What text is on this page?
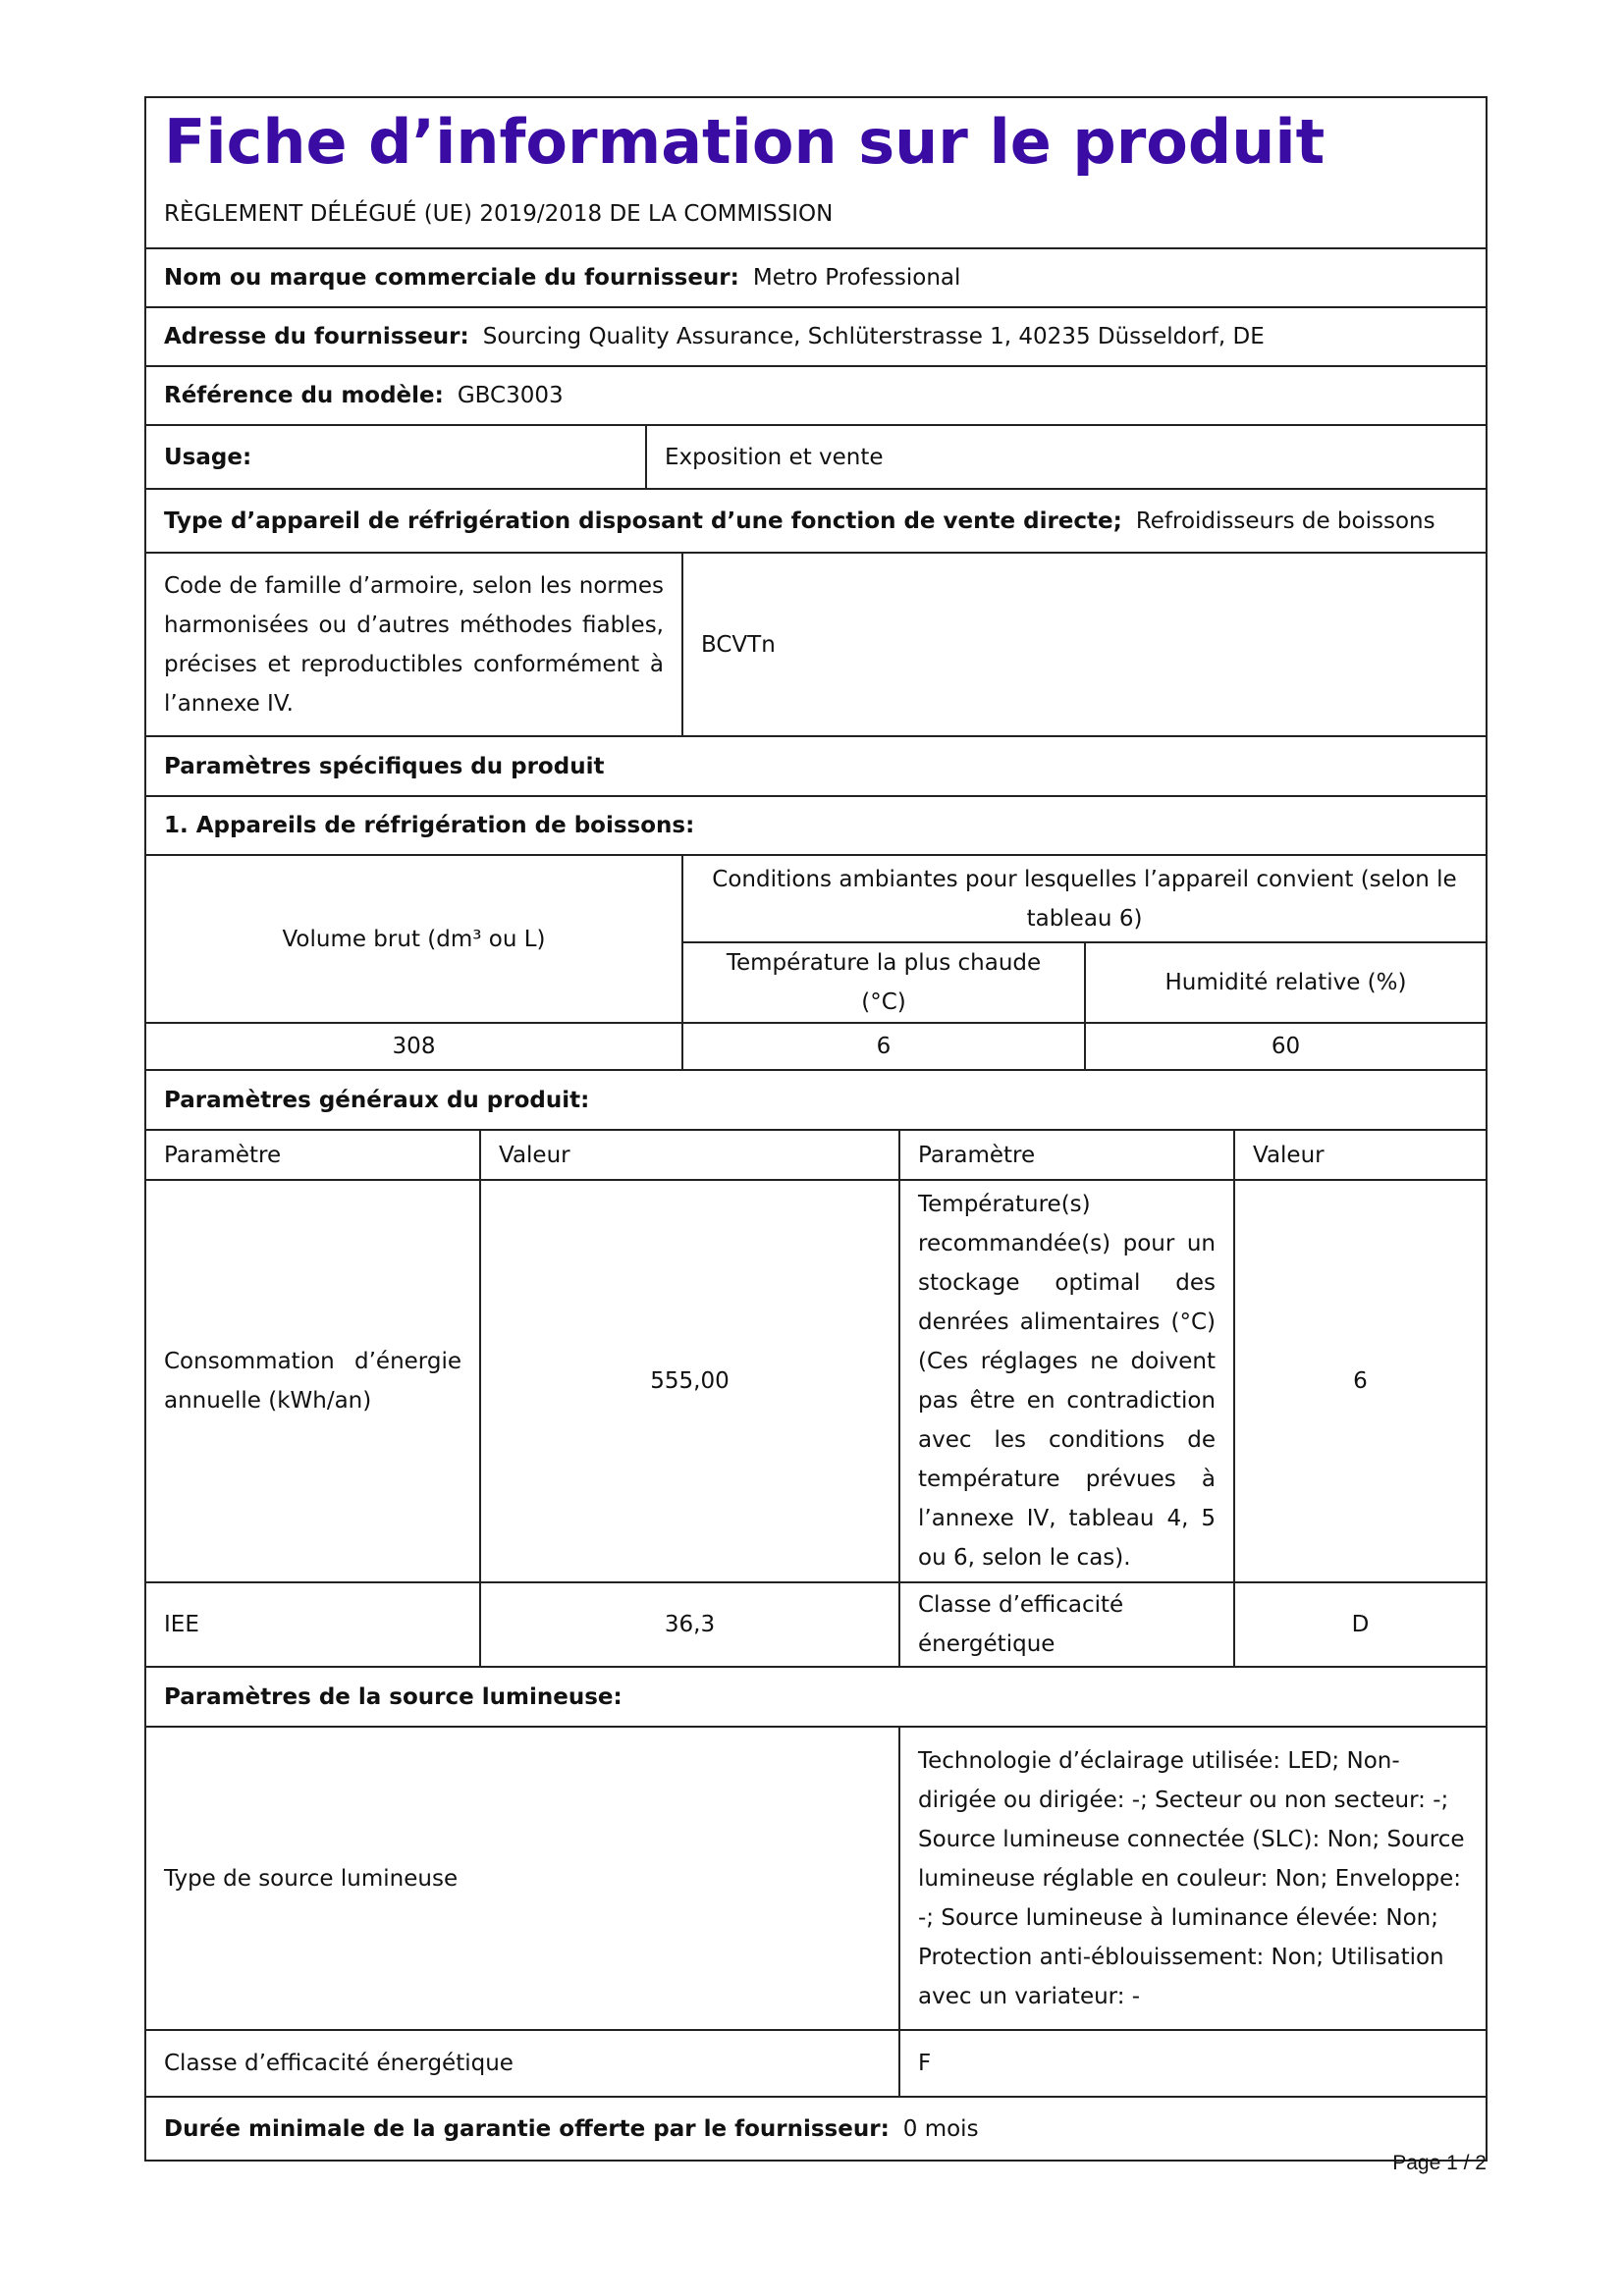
Fiche d’information sur le produit
RÈGLEMENT DÉLÉGUÉ (UE) 2019/2018 DE LA COMMISSION

Nom ou marque commerciale du fournisseur: Metro Professional
Adresse du fournisseur: Sourcing Quality Assurance, Schlüterstrasse 1, 40235 Düsseldorf, DE
Référence du modèle: GBC3003
Usage:	Exposition et vente
Type d’appareil de réfrigération disposant d’une fonction de vente directe; Refroidisseurs de boissons
Code de famille d’armoire, selon les normes harmonisées ou d’autres méthodes fiables, précises et reproductibles conformément à l’annexe IV.	BCVTn
Paramètres spécifiques du produit
1. Appareils de réfrigération de boissons:
Volume brut (dm³ ou L)	Conditions ambiantes pour lesquelles l’appareil convient (selon le tableau 6)	
	Température la plus chaude (°C)	Humidité relative (%)
308	6	60
Paramètres généraux du produit:
Paramètre	Valeur	Paramètre	Valeur
Consommation d’énergie annuelle (kWh/an)	555,00	Température(s) recommandée(s) pour un stockage optimal des denrées alimentaires (°C) (Ces réglages ne doivent pas être en contradiction avec les conditions de température prévues à l’annexe IV, tableau 4, 5 ou 6, selon le cas).	6
IEE	36,3	Classe d’efficacité énergétique	D
Paramètres de la source lumineuse:
Type de source lumineuse	Technologie d’éclairage utilisée: LED; Non-dirigée ou dirigée: -; Secteur ou non secteur: -; Source lumineuse connectée (SLC): Non; Source lumineuse réglable en couleur: Non; Enveloppe: -; Source lumineuse à luminance élevée: Non; Protection anti-éblouissement: Non; Utilisation avec un variateur: -
Classe d’efficacité énergétique	F
Durée minimale de la garantie offerte par le fournisseur: 0 mois
Page 1 / 2
